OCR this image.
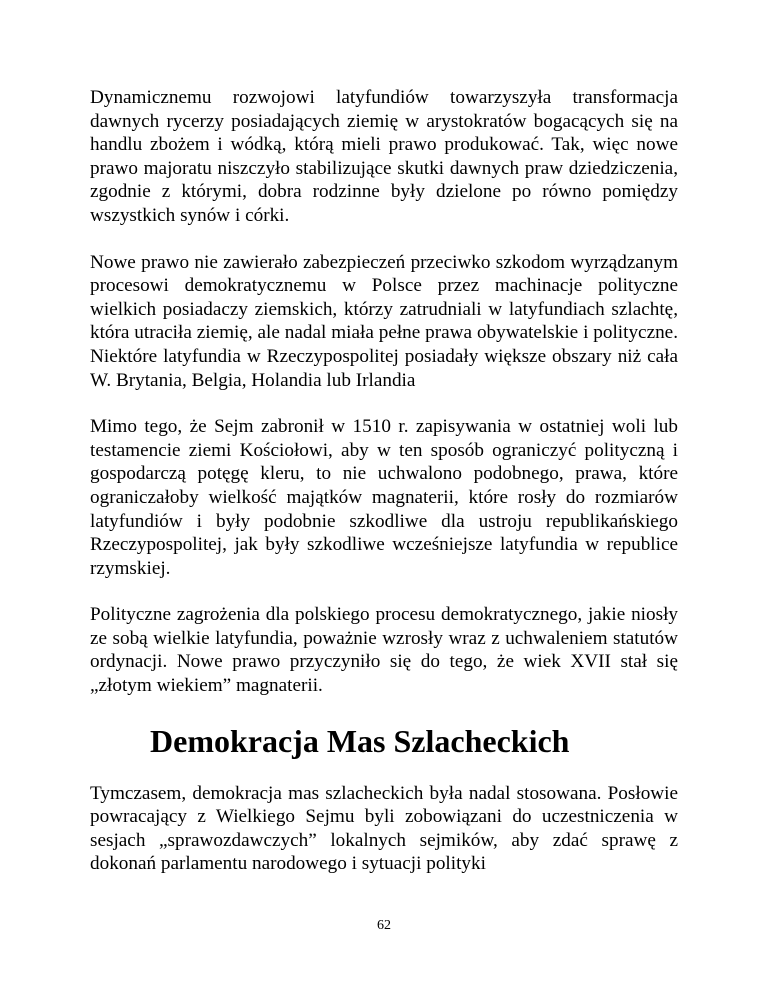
Dynamicznemu rozwojowi latyfundiów towarzyszyła transformacja dawnych rycerzy posiadających ziemię w arystokratów bogacących się na handlu zbożem i wódką, którą mieli prawo produkować. Tak, więc nowe prawo majoratu niszczyło stabilizujące skutki dawnych praw dziedziczenia, zgodnie z którymi, dobra rodzinne były dzielone po równo pomiędzy wszystkich synów i córki.

Nowe prawo nie zawierało zabezpieczeń przeciwko szkodom wyrządzanym procesowi demokratycznemu w Polsce przez machinacje polityczne wielkich posiadaczy ziemskich, którzy zatrudniali w latyfundiach szlachtę, która utraciła ziemię, ale nadal miała pełne prawa obywatelskie i polityczne. Niektóre latyfundia w Rzeczypospolitej posiadały większe obszary niż cała W. Brytania, Belgia, Holandia lub Irlandia

Mimo tego, że Sejm zabronił w 1510 r. zapisywania w ostatniej woli lub testamencie ziemi Kościołowi, aby w ten sposób ograniczyć polityczną i gospodarczą potęgę kleru, to nie uchwalono podobnego, prawa, które ograniczałoby wielkość majątków magnaterii, które rosły do rozmiarów latyfundiów i były podobnie szkodliwe dla ustroju republikańskiego Rzeczypospolitej, jak były szkodliwe wcześniejsze latyfundia w republice rzymskiej.

Polityczne zagrożenia dla polskiego procesu demokratycznego, jakie niosły ze sobą wielkie latyfundia, poważnie wzrosły wraz z uchwaleniem statutów ordynacji. Nowe prawo przyczyniło się do tego, że wiek XVII stał się „złotym wiekiem” magnaterii.

Demokracja Mas Szlacheckich

Tymczasem, demokracja mas szlacheckich była nadal stosowana. Posłowie powracający z Wielkiego Sejmu byli zobowiązani do uczestniczenia w sesjach „sprawozdawczych” lokalnych sejmików, aby zdać sprawę z dokonań parlamentu narodowego i sytuacji polityki

62
